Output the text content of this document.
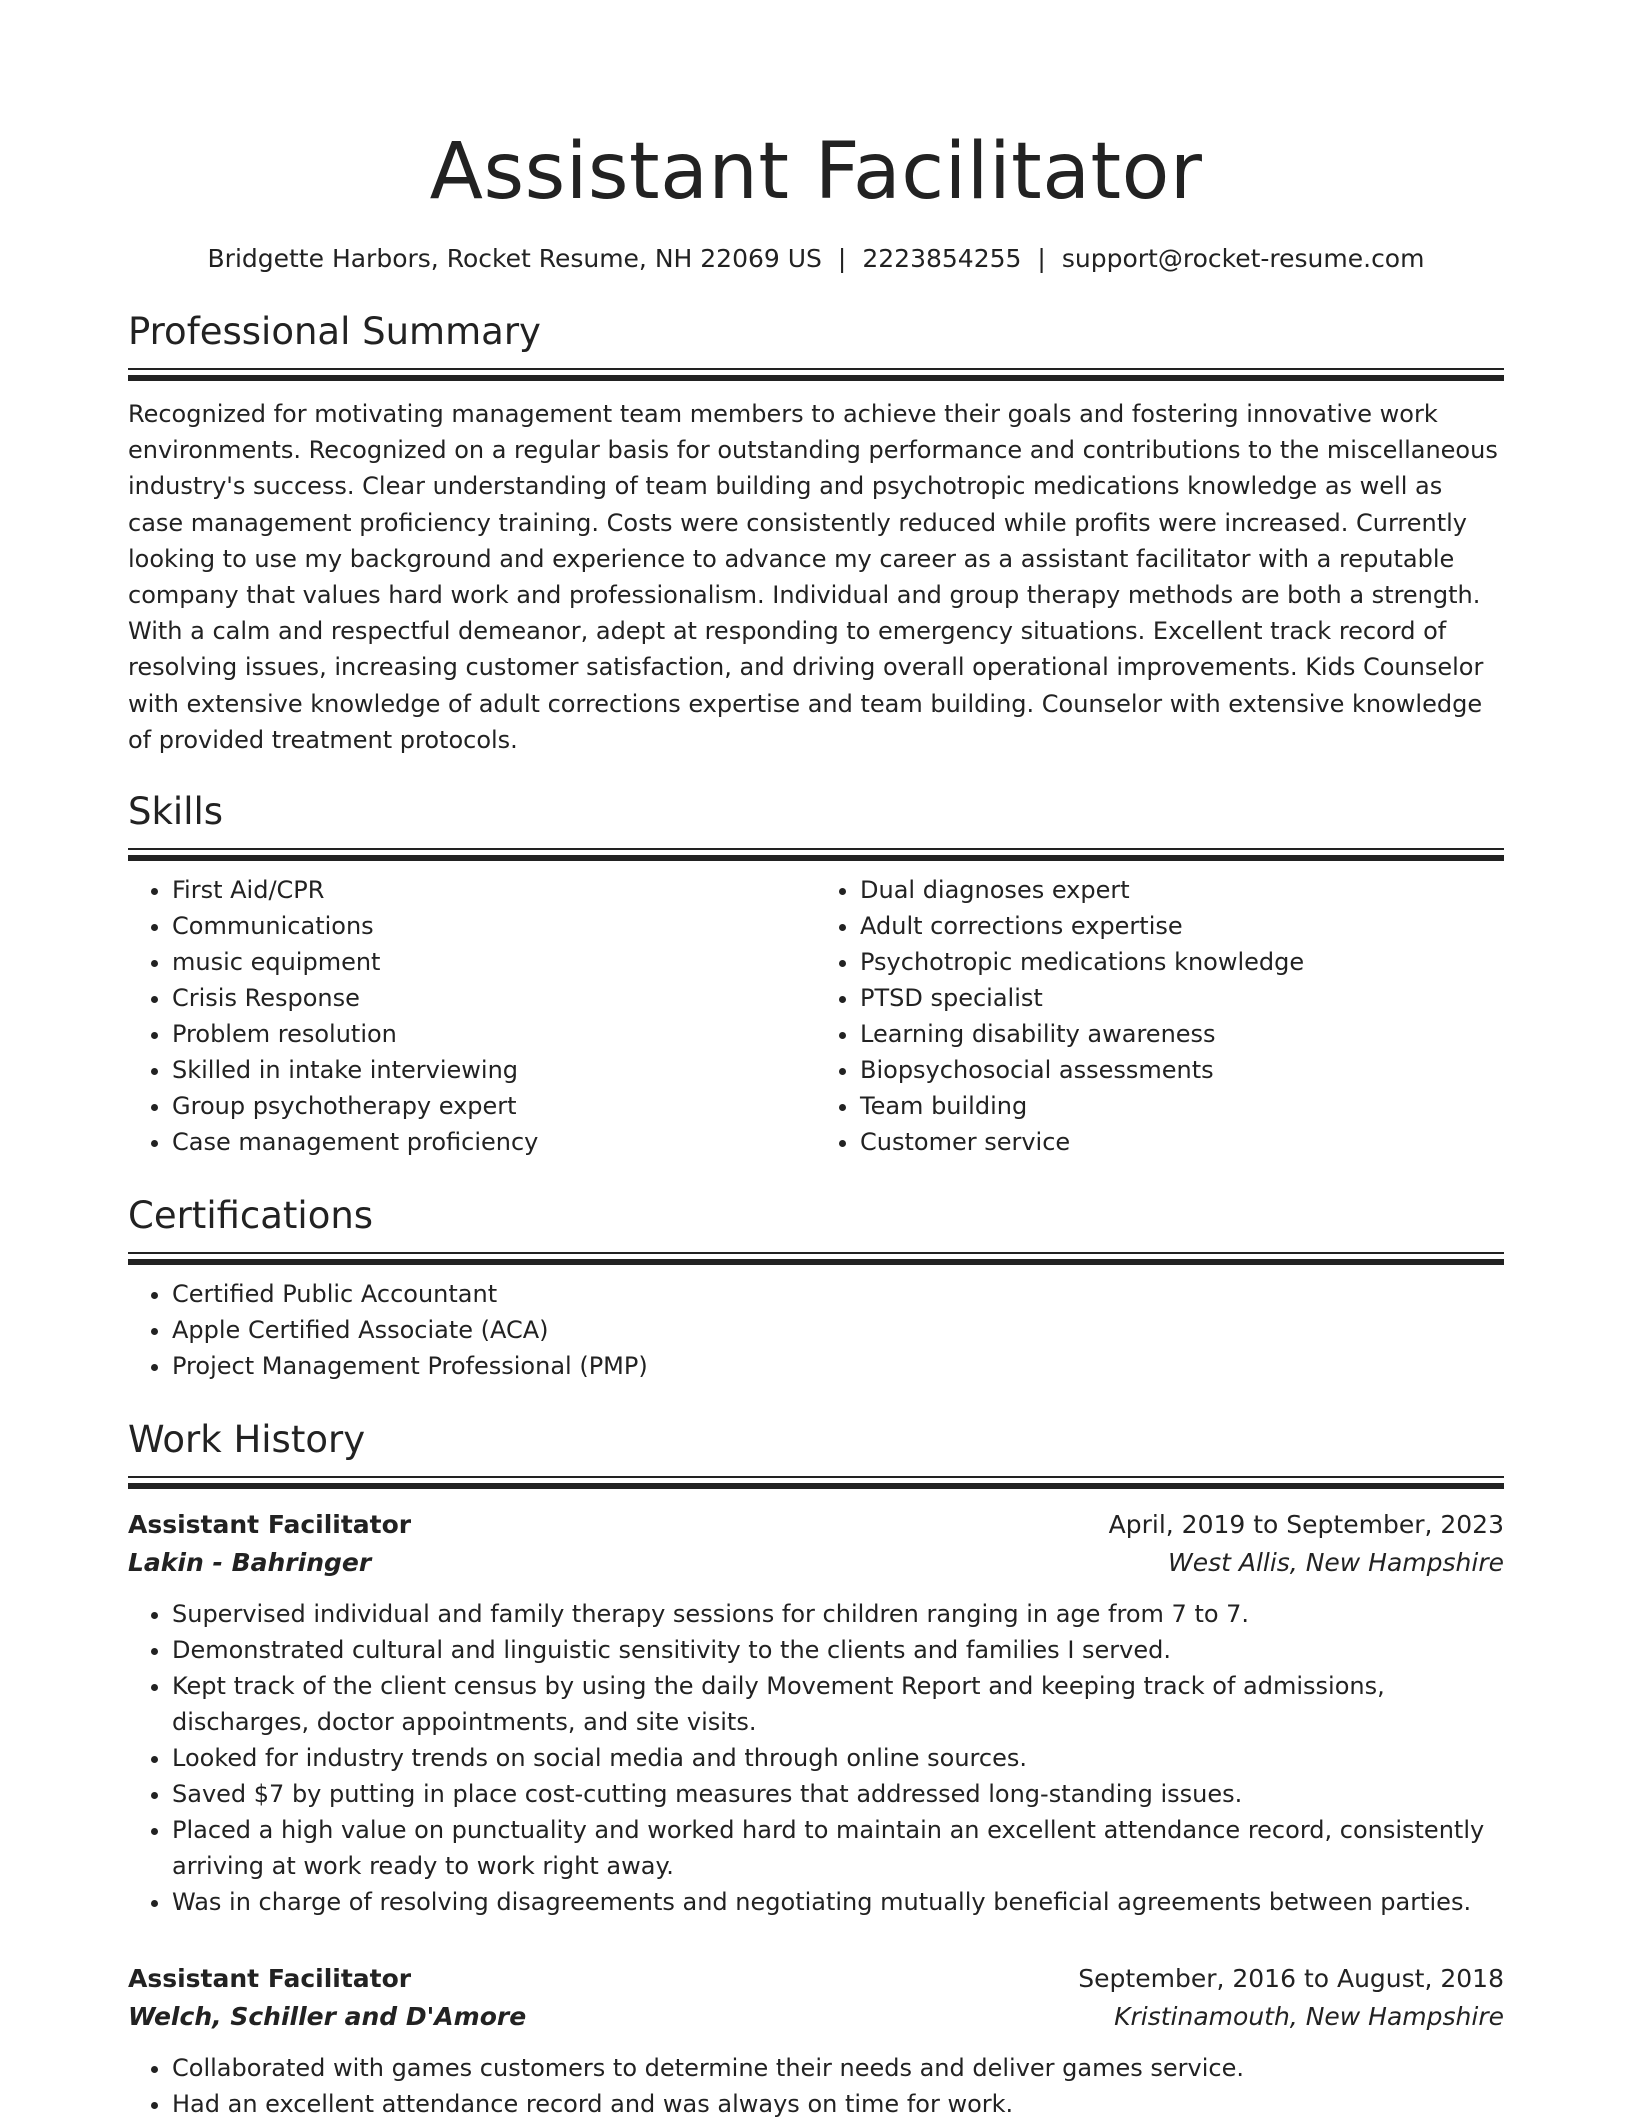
Assistant Facilitator
Bridgette Harbors, Rocket Resume, NH 22069 US | 2223854255 | support@rocket-resume.com
Professional Summary
Recognized for motivating management team members to achieve their goals and fostering innovative work environments. Recognized on a regular basis for outstanding performance and contributions to the miscellaneous industry's success. Clear understanding of team building and psychotropic medications knowledge as well as case management proficiency training. Costs were consistently reduced while profits were increased. Currently looking to use my background and experience to advance my career as a assistant facilitator with a reputable company that values hard work and professionalism. Individual and group therapy methods are both a strength. With a calm and respectful demeanor, adept at responding to emergency situations. Excellent track record of resolving issues, increasing customer satisfaction, and driving overall operational improvements. Kids Counselor with extensive knowledge of adult corrections expertise and team building. Counselor with extensive knowledge of provided treatment protocols.
Skills
• First Aid/CPR
• Communications
• music equipment
• Crisis Response
• Problem resolution
• Skilled in intake interviewing
• Group psychotherapy expert
• Case management proficiency
• Dual diagnoses expert
• Adult corrections expertise
• Psychotropic medications knowledge
• PTSD specialist
• Learning disability awareness
• Biopsychosocial assessments
• Team building
• Customer service
Certifications
• Certified Public Accountant
• Apple Certified Associate (ACA)
• Project Management Professional (PMP)
Work History
Assistant Facilitator	April, 2019 to September, 2023
Lakin - Bahringer	West Allis, New Hampshire
• Supervised individual and family therapy sessions for children ranging in age from 7 to 7.
• Demonstrated cultural and linguistic sensitivity to the clients and families I served.
• Kept track of the client census by using the daily Movement Report and keeping track of admissions, discharges, doctor appointments, and site visits.
• Looked for industry trends on social media and through online sources.
• Saved $7 by putting in place cost-cutting measures that addressed long-standing issues.
• Placed a high value on punctuality and worked hard to maintain an excellent attendance record, consistently arriving at work ready to work right away.
• Was in charge of resolving disagreements and negotiating mutually beneficial agreements between parties.
Assistant Facilitator	September, 2016 to August, 2018
Welch, Schiller and D'Amore	Kristinamouth, New Hampshire
• Collaborated with games customers to determine their needs and deliver games service.
• Had an excellent attendance record and was always on time for work.
